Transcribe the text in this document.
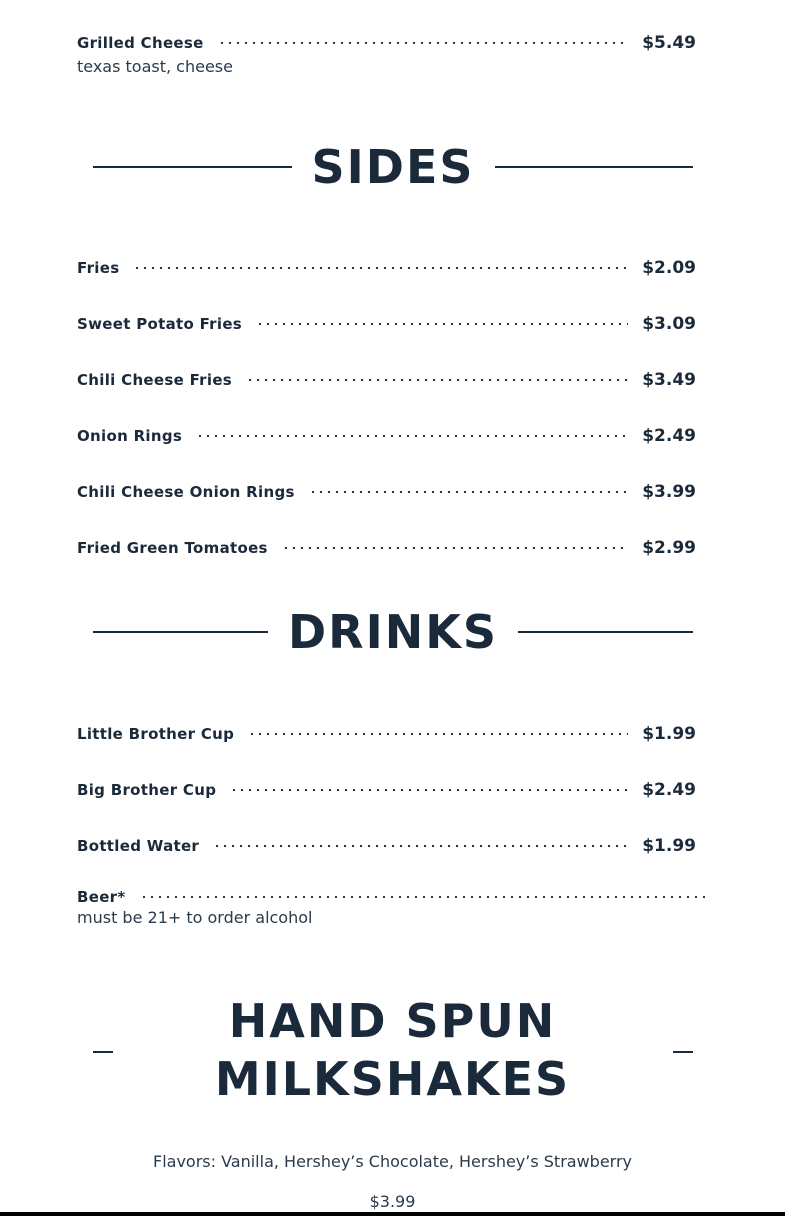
Grilled Cheese	$5.49
texas toast, cheese
SIDES
Fries	$2.09
Sweet Potato Fries	$3.09
Chili Cheese Fries	$3.49
Onion Rings	$2.49
Chili Cheese Onion Rings	$3.99
Fried Green Tomatoes	$2.99
DRINKS
Little Brother Cup	$1.99
Big Brother Cup	$2.49
Bottled Water	$1.99
Beer*
must be 21+ to order alcohol
HAND SPUN
MILKSHAKES
Flavors: Vanilla, Hershey’s Chocolate, Hershey’s Strawberry
$3.99
